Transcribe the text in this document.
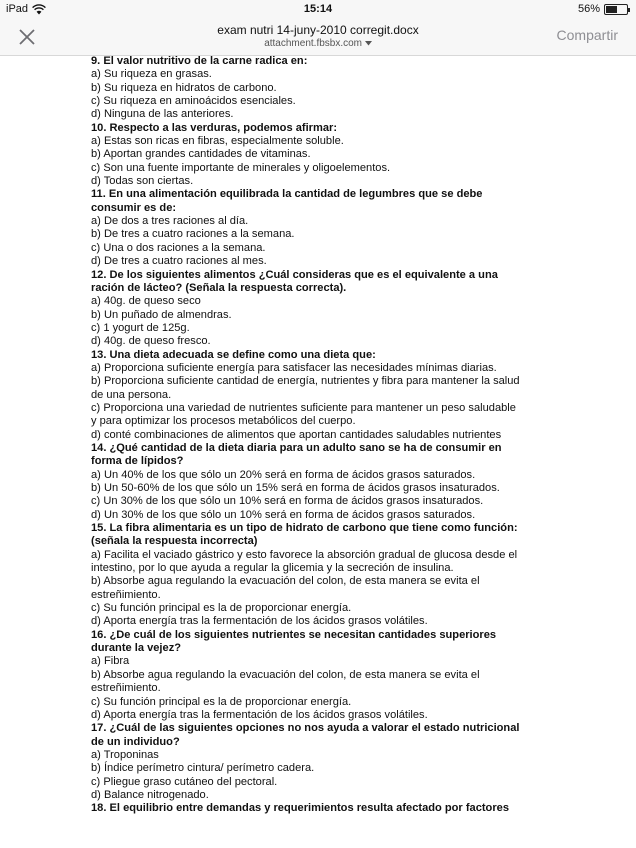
iPad	15:14	56%
exam nutri 14-juny-2010 corregit.docx
attachment.fbsbx.com
Compartir
9. El valor nutritivo de la carne radica en:
a) Su riqueza en grasas.
b) Su riqueza en hidratos de carbono.
c) Su riqueza en aminoácidos esenciales.
d) Ninguna de las anteriores.
10. Respecto a las verduras, podemos afirmar:
a) Estas son ricas en fibras, especialmente soluble.
b) Aportan grandes cantidades de vitaminas.
c) Son una fuente importante de minerales y oligoelementos.
d) Todas son ciertas.
11. En una alimentación equilibrada la cantidad de legumbres que se debe
consumir es de:
a) De dos a tres raciones al día.
b) De tres a cuatro raciones a la semana.
c) Una o dos raciones a la semana.
d) De tres a cuatro raciones al mes.
12. De los siguientes alimentos ¿Cuál consideras que es el equivalente a una
ración de lácteo? (Señala la respuesta correcta).
a) 40g. de queso seco
b) Un puñado de almendras.
c) 1 yogurt de 125g.
d) 40g. de queso fresco.
13. Una dieta adecuada se define como una dieta que:
a) Proporciona suficiente energía para satisfacer las necesidades mínimas diarias.
b) Proporciona suficiente cantidad de energía, nutrientes y fibra para mantener la salud
de una persona.
c) Proporciona una variedad de nutrientes suficiente para mantener un peso saludable
y para optimizar los procesos metabólicos del cuerpo.
d) conté combinaciones de alimentos que aportan cantidades saludables nutrientes
14. ¿Qué cantidad de la dieta diaria para un adulto sano se ha de consumir en
forma de lípidos?
a) Un 40% de los que sólo un 20% será en forma de ácidos grasos saturados.
b) Un 50-60% de los que sólo un 15% será en forma de ácidos grasos insaturados.
c) Un 30% de los que sólo un 10% será en forma de ácidos grasos insaturados.
d) Un 30% de los que sólo un 10% será en forma de ácidos grasos saturados.
15. La fibra alimentaria es un tipo de hidrato de carbono que tiene como función:
(señala la respuesta incorrecta)
a) Facilita el vaciado gástrico y esto favorece la absorción gradual de glucosa desde el
intestino, por lo que ayuda a regular la glicemia y la secreción de insulina.
b) Absorbe agua regulando la evacuación del colon, de esta manera se evita el
estreñimiento.
c) Su función principal es la de proporcionar energía.
d) Aporta energía tras la fermentación de los ácidos grasos volátiles.
16. ¿De cuál de los siguientes nutrientes se necesitan cantidades superiores
durante la vejez?
a) Fibra
b) Absorbe agua regulando la evacuación del colon, de esta manera se evita el
estreñimiento.
c) Su función principal es la de proporcionar energía.
d) Aporta energía tras la fermentación de los ácidos grasos volátiles.
17. ¿Cuál de las siguientes opciones no nos ayuda a valorar el estado nutricional
de un individuo?
a) Troponinas
b) Índice perímetro cintura/ perímetro cadera.
c) Pliegue graso cutáneo del pectoral.
d) Balance nitrogenado.
18. El equilibrio entre demandas y requerimientos resulta afectado por factores
